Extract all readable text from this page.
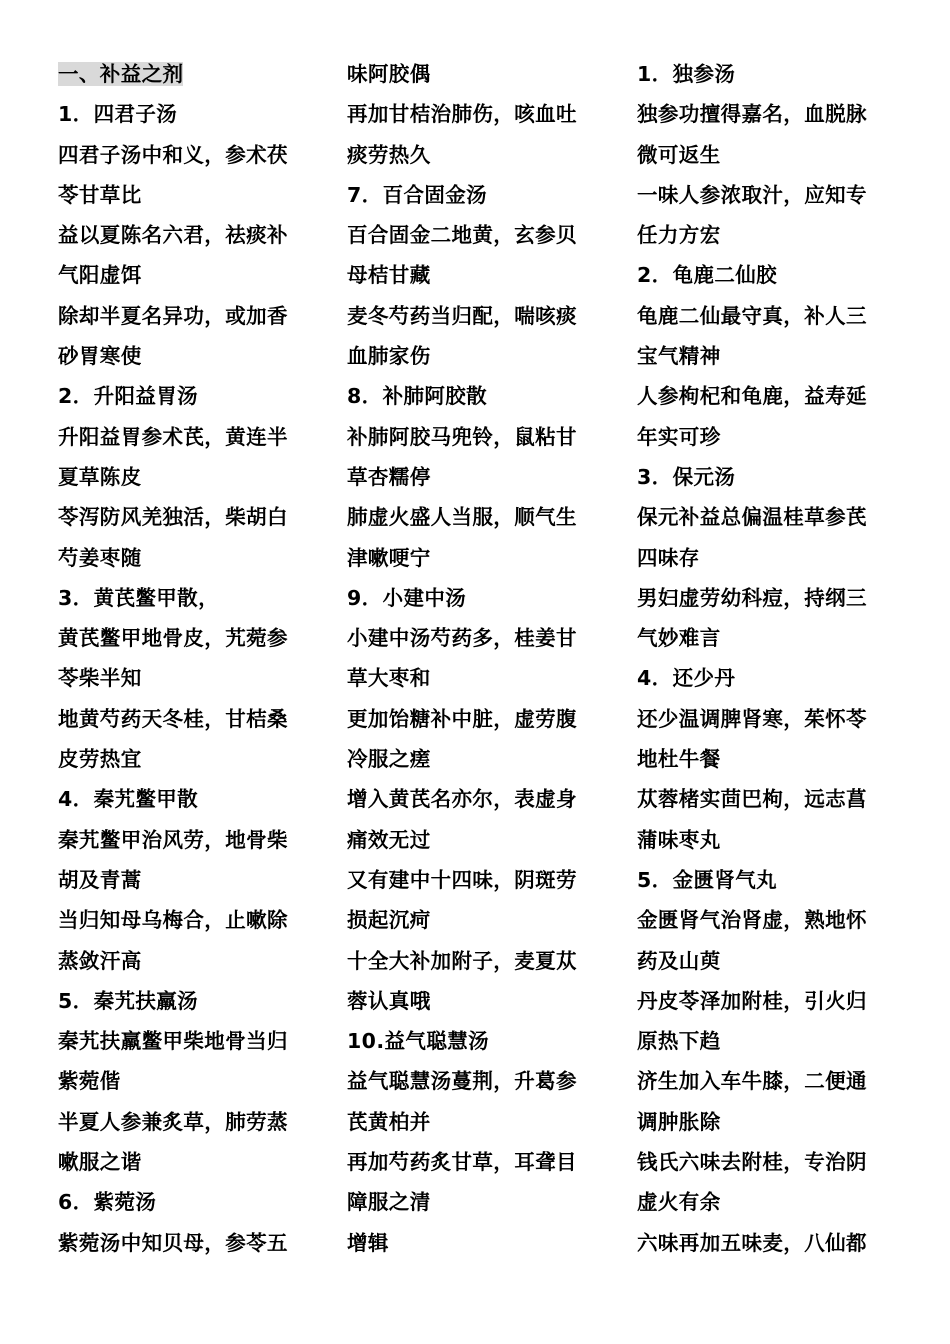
一、补益之剂
1．四君子汤
四君子汤中和义，参术茯
苓甘草比
益以夏陈名六君，祛痰补
气阳虚饵
除却半夏名异功，或加香
砂胃寒使
2．升阳益胃汤
升阳益胃参术芪，黄连半
夏草陈皮
苓泻防风羌独活，柴胡白
芍姜枣随
3．黄芪鳖甲散，
黄芪鳖甲地骨皮，艽菀参
苓柴半知
地黄芍药天冬桂，甘桔桑
皮劳热宜
4．秦艽鳖甲散
秦艽鳖甲治风劳，地骨柴
胡及青蒿
当归知母乌梅合，止嗽除
蒸敛汗高
5．秦艽扶羸汤
秦艽扶羸鳖甲柴地骨当归
紫菀偕
半夏人参兼炙草，肺劳蒸
嗽服之谐
6．紫菀汤
紫菀汤中知贝母，参苓五
味阿胶偶
再加甘桔治肺伤，咳血吐
痰劳热久
7．百合固金汤
百合固金二地黄，玄参贝
母桔甘藏
麦冬芍药当归配，喘咳痰
血肺家伤
8．补肺阿胶散
补肺阿胶马兜铃，鼠粘甘
草杏糯停
肺虚火盛人当服，顺气生
津嗽哽宁
9．小建中汤
小建中汤芍药多，桂姜甘
草大枣和
更加饴糖补中脏，虚劳腹
冷服之瘥
增入黄芪名亦尔，表虚身
痛效无过
又有建中十四味，阴斑劳
损起沉疴
十全大补加附子，麦夏苁
蓉认真哦
10.益气聪慧汤
益气聪慧汤蔓荆，升葛参
芪黄柏并
再加芍药炙甘草，耳聋目
障服之清
增辑
1．独参汤
独参功擅得嘉名，血脱脉
微可返生
一味人参浓取汁，应知专
任力方宏
2．龟鹿二仙胶
龟鹿二仙最守真，补人三
宝气精神
人参枸杞和龟鹿，益寿延
年实可珍
3．保元汤
保元补益总偏温桂草参芪
四味存
男妇虚劳幼科痘，持纲三
气妙难言
4．还少丹
还少温调脾肾寒，茱怀苓
地杜牛餐
苁蓉楮实茴巴枸，远志菖
蒲味枣丸
5．金匮肾气丸
金匮肾气治肾虚，熟地怀
药及山萸
丹皮苓泽加附桂，引火归
原热下趋
济生加入车牛膝，二便通
调肿胀除
钱氏六味去附桂，专治阴
虚火有余
六味再加五味麦，八仙都
